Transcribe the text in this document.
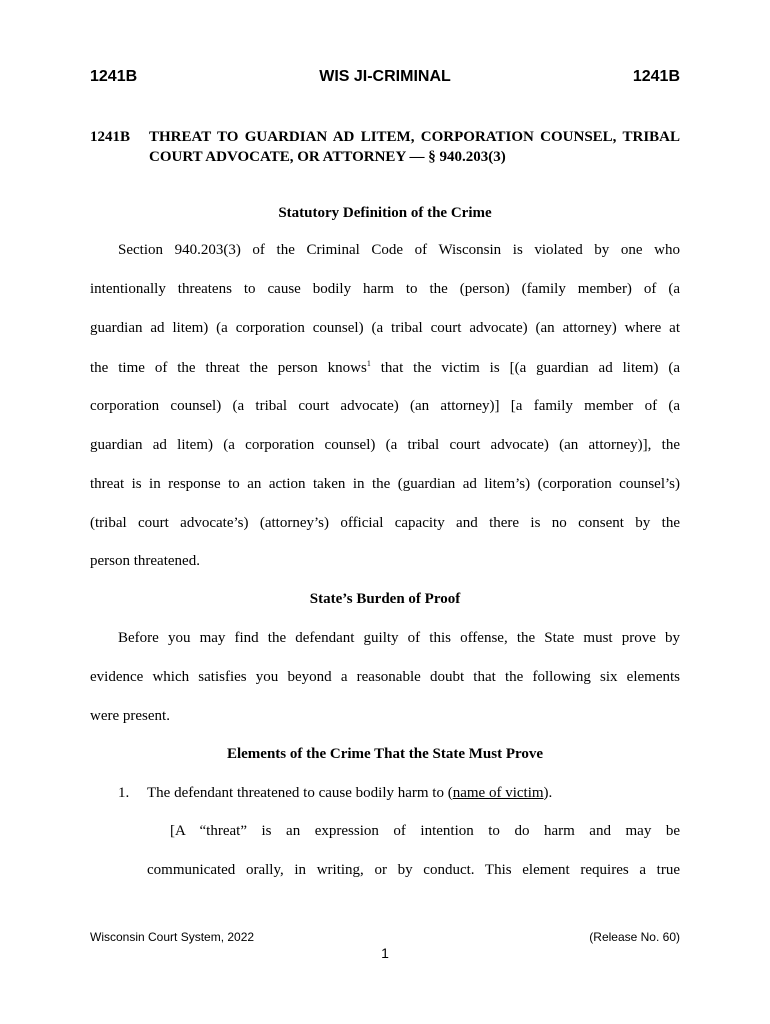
1241B	WIS JI-CRIMINAL	1241B
1241B THREAT TO GUARDIAN AD LITEM, CORPORATION COUNSEL, TRIBAL COURT ADVOCATE, OR ATTORNEY — § 940.203(3)
Statutory Definition of the Crime
Section 940.203(3) of the Criminal Code of Wisconsin is violated by one who
intentionally threatens to cause bodily harm to the (person) (family member) of (a
guardian ad litem) (a corporation counsel) (a tribal court advocate) (an attorney) where at
the time of the threat the person knows$^1$ that the victim is [(a guardian ad litem) (a
corporation counsel) (a tribal court advocate) (an attorney)] [a family member of (a
guardian ad litem) (a corporation counsel) (a tribal court advocate) (an attorney)], the
threat is in response to an action taken in the (guardian ad litem’s) (corporation counsel’s)
(tribal court advocate’s) (attorney’s) official capacity and there is no consent by the
person threatened.
State’s Burden of Proof
Before you may find the defendant guilty of this offense, the State must prove by
evidence which satisfies you beyond a reasonable doubt that the following six elements
were present.
Elements of the Crime That the State Must Prove
1. The defendant threatened to cause bodily harm to (name of victim).
[A “threat” is an expression of intention to do harm and may be
communicated orally, in writing, or by conduct. This element requires a true
Wisconsin Court System, 2022	(Release No. 60)
1
